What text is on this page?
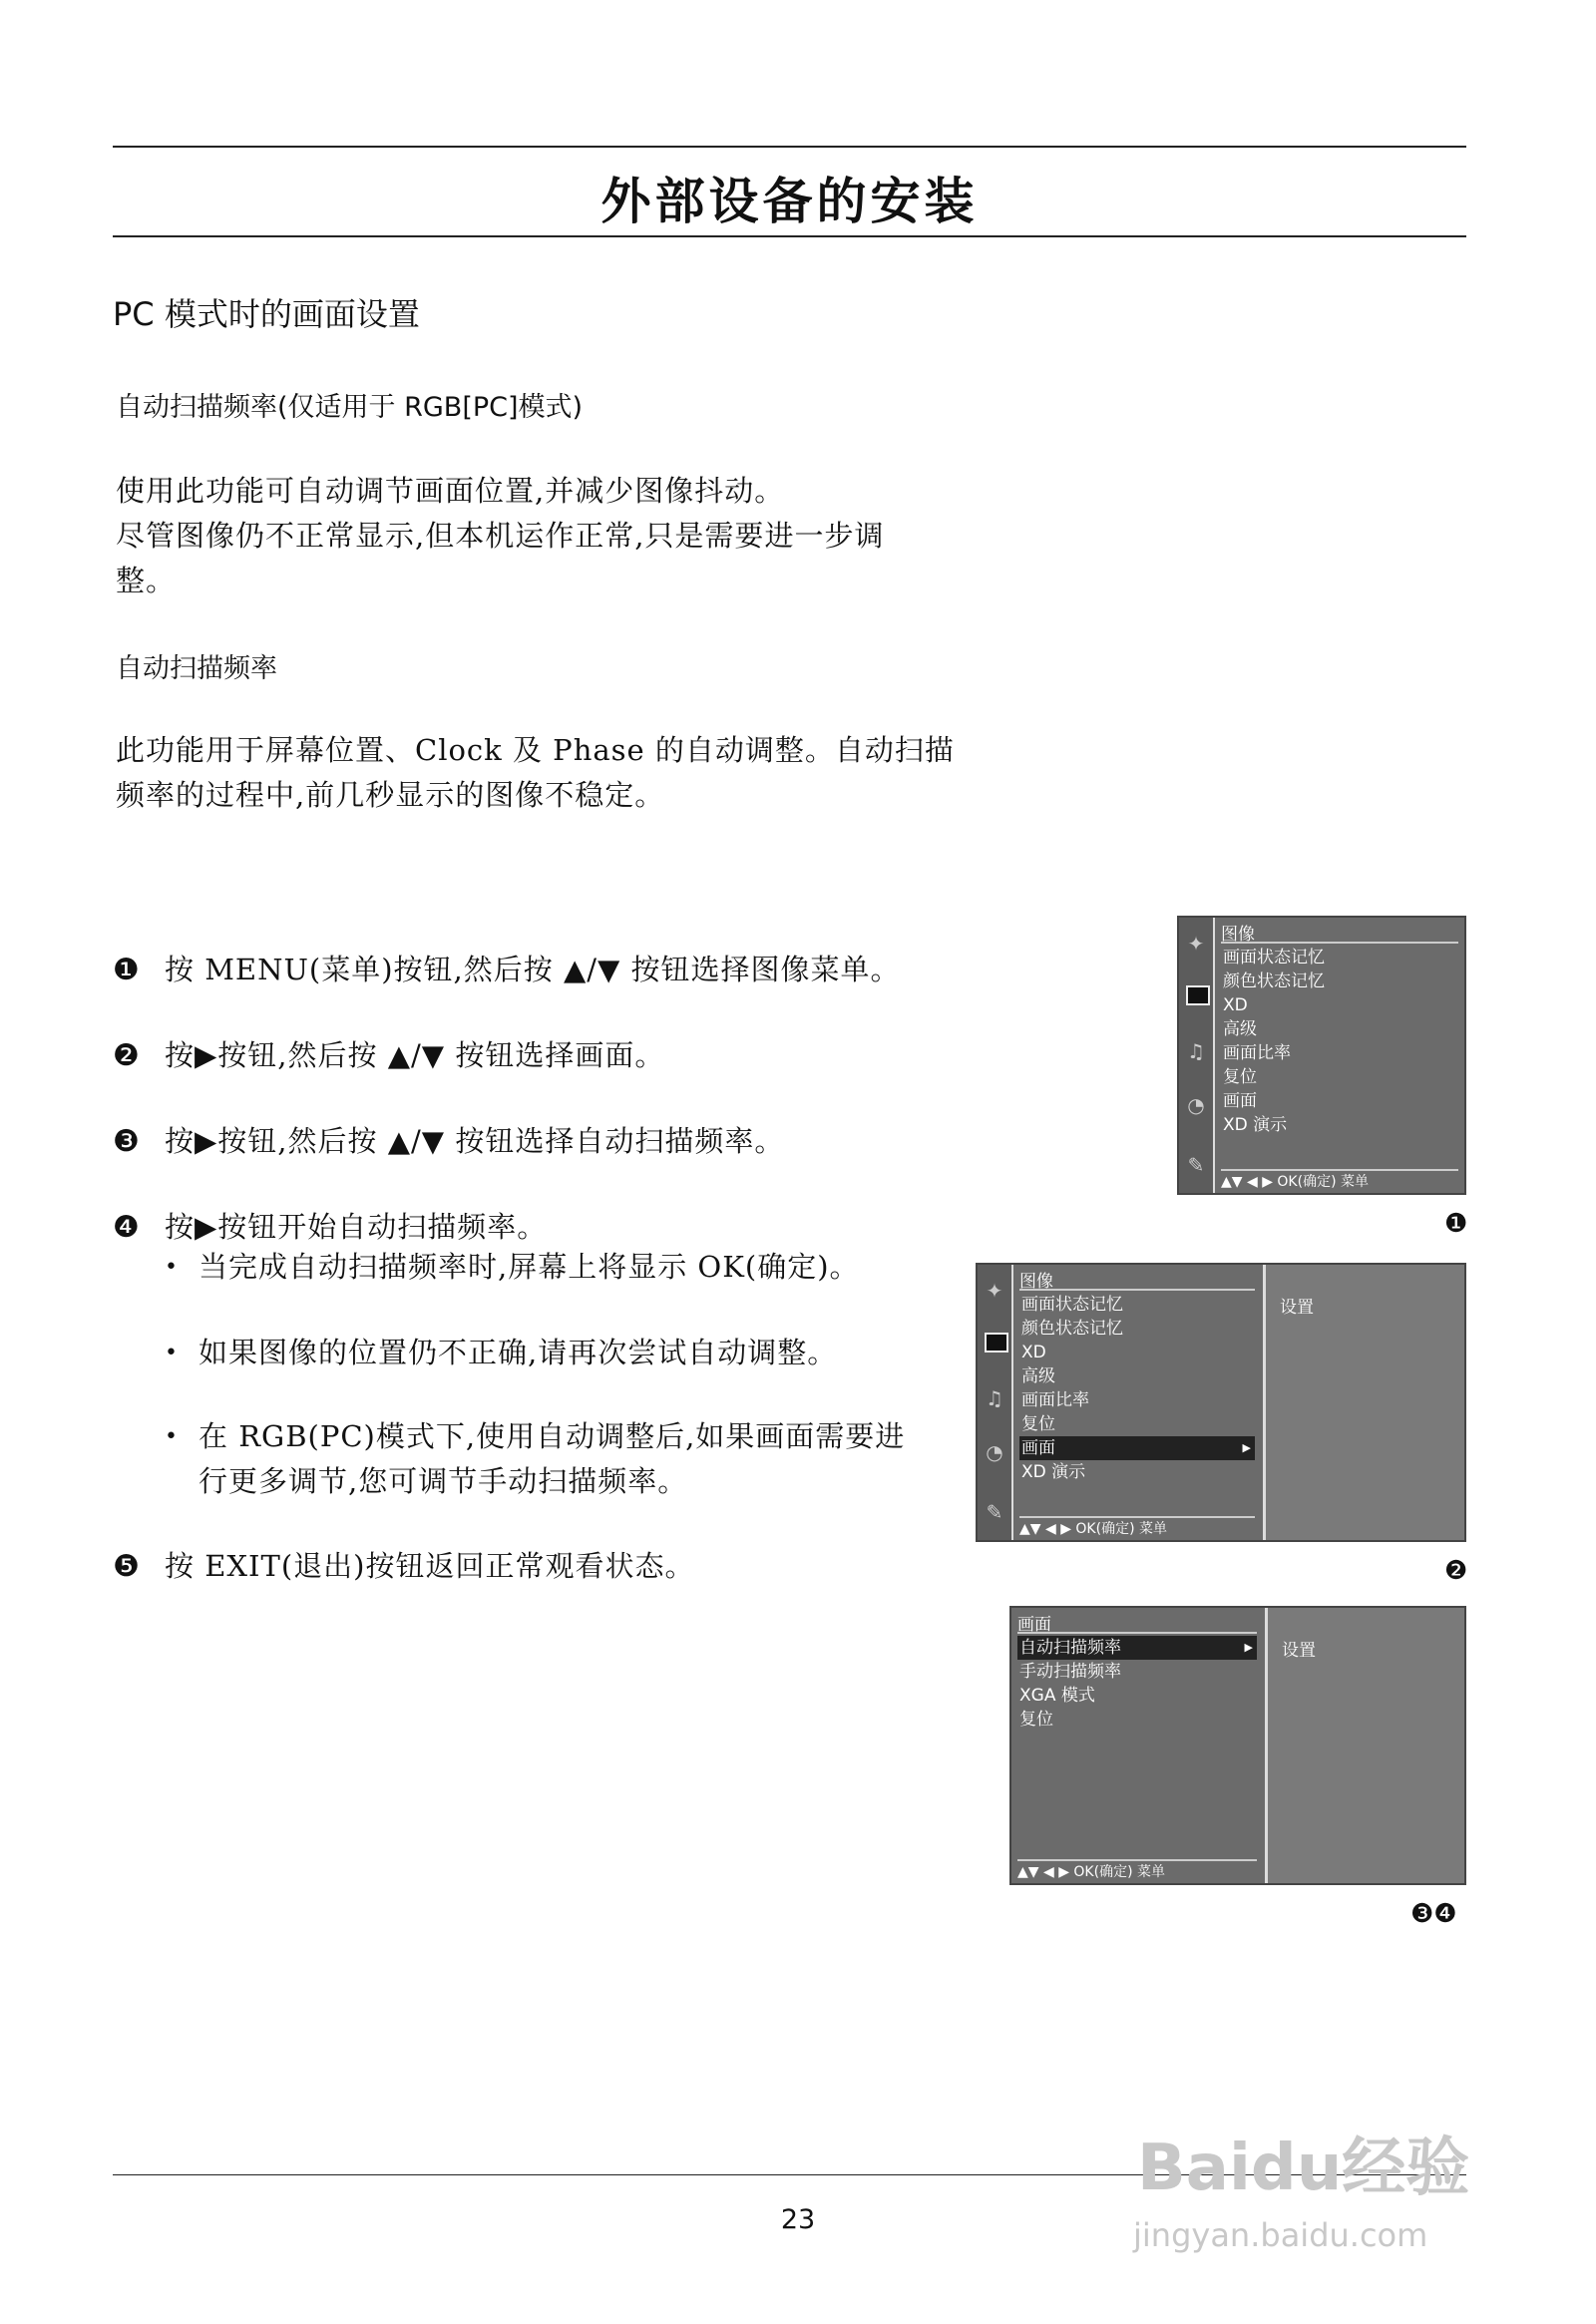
外部设备的安装
PC 模式时的画面设置
自动扫描频率(仅适用于 RGB[PC]模式)
使用此功能可自动调节画面位置,并减少图像抖动。
尽管图像仍不正常显示,但本机运作正常,只是需要进一步调
整。
自动扫描频率
此功能用于屏幕位置、Clock 及 Phase 的自动调整。自动扫描
频率的过程中,前几秒显示的图像不稳定。
❶ 按 MENU(菜单)按钮,然后按 ▲/▼ 按钮选择图像菜单。
❷ 按▶按钮,然后按 ▲/▼ 按钮选择画面。
❸ 按▶按钮,然后按 ▲/▼ 按钮选择自动扫描频率。
❹ 按▶按钮开始自动扫描频率。
• 当完成自动扫描频率时,屏幕上将显示 OK(确定)。
• 如果图像的位置仍不正确,请再次尝试自动调整。
• 在 RGB(PC)模式下,使用自动调整后,如果画面需要进
行更多调节,您可调节手动扫描频率。
❺ 按 EXIT(退出)按钮返回正常观看状态。
✦
♫
◔
✎
图像
画面状态记忆
颜色状态记忆
XD
高级
画面比率
复位
画面
XD 演示
▲▼ ◀ ▶ OK(确定) 菜单
❶
✦
♫
◔
✎
图像
画面状态记忆
颜色状态记忆
XD
高级
画面比率
复位
画面 ▶
XD 演示
▲▼ ◀ ▶ OK(确定) 菜单
设置
❷
画面
自动扫描频率 ▶
手动扫描频率
XGA 模式
复位
▲▼ ◀ ▶ OK(确定) 菜单
设置
❸❹
23
Baidu经验
jingyan.baidu.com
